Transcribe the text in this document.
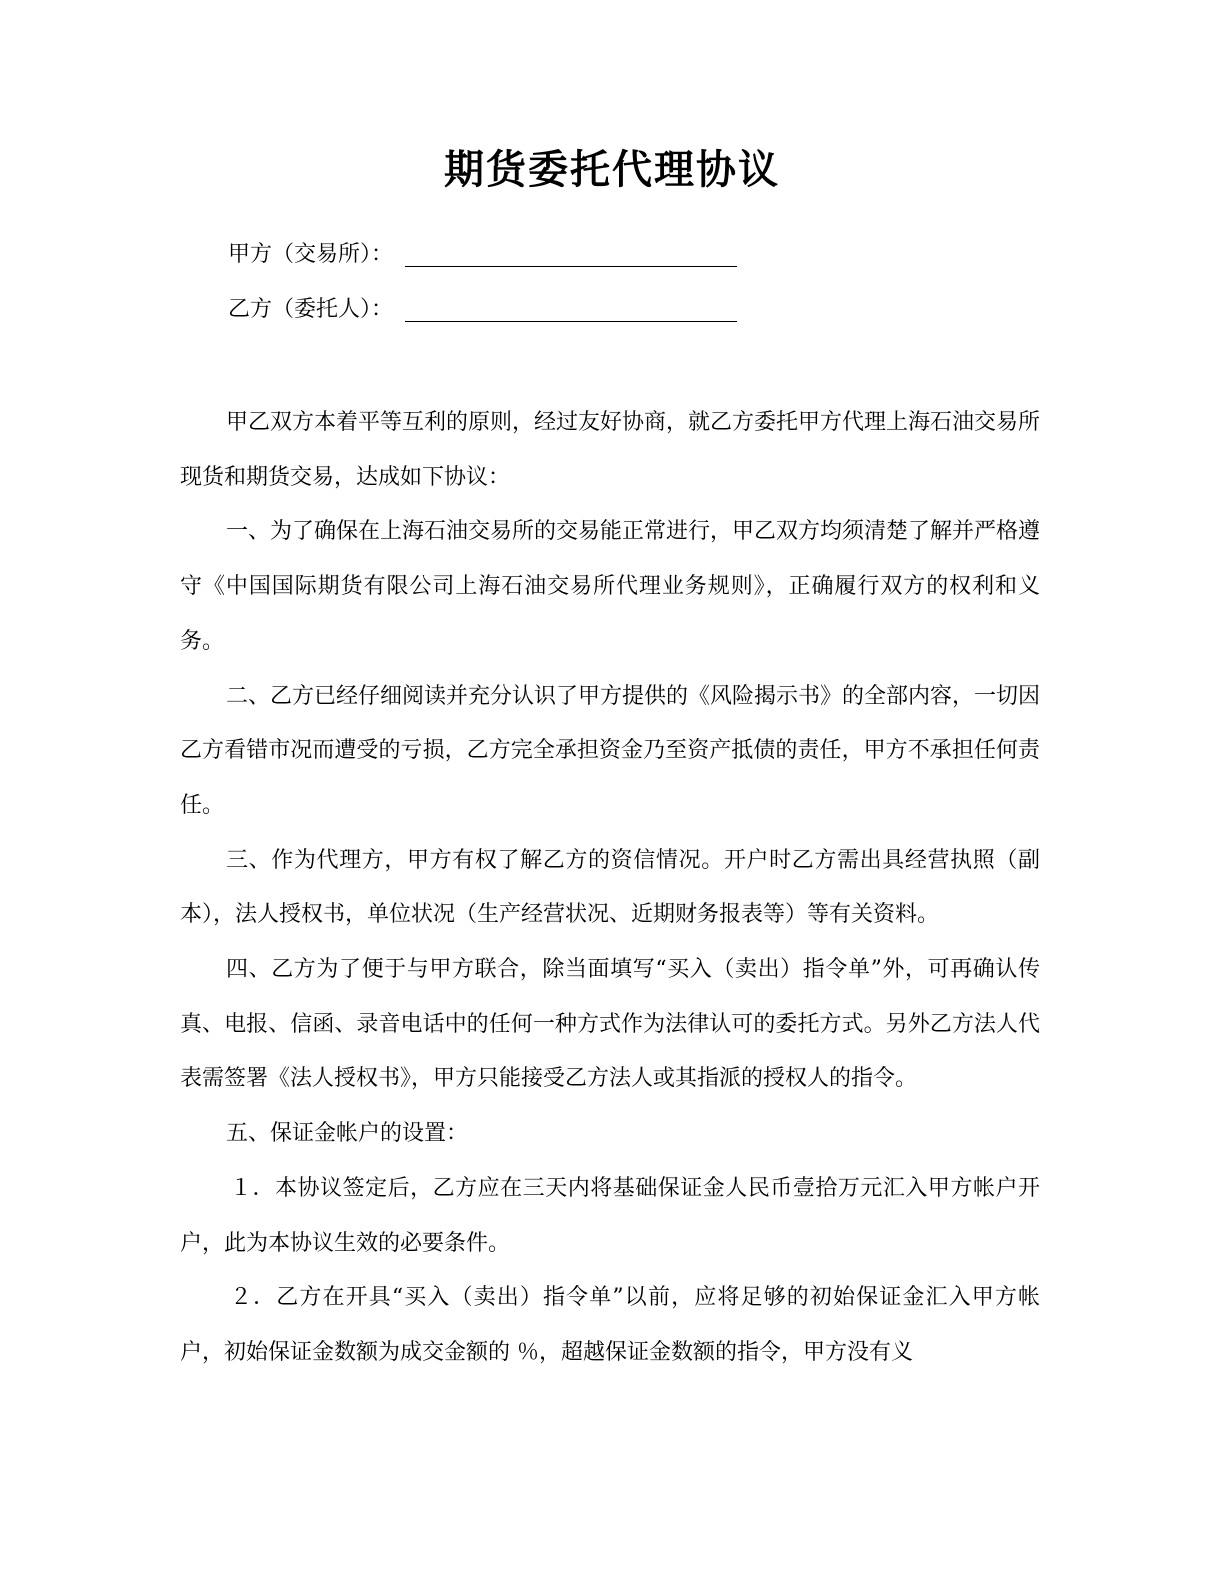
期货委托代理协议
甲方（交易所）：
乙方（委托人）：

甲乙双方本着平等互利的原则，经过友好协商，就乙方委托甲方代理上海石油交易所现货和期货交易，达成如下协议：

一、为了确保在上海石油交易所的交易能正常进行，甲乙双方均须清楚了解并严格遵守《中国国际期货有限公司上海石油交易所代理业务规则》，正确履行双方的权利和义务。

二、乙方已经仔细阅读并充分认识了甲方提供的《风险揭示书》的全部内容，一切因乙方看错市况而遭受的亏损，乙方完全承担资金乃至资产抵债的责任，甲方不承担任何责任。

三、作为代理方，甲方有权了解乙方的资信情况。开户时乙方需出具经营执照（副本），法人授权书，单位状况（生产经营状况、近期财务报表等）等有关资料。

四、乙方为了便于与甲方联合，除当面填写“买入（卖出）指令单”外，可再确认传真、电报、信函、录音电话中的任何一种方式作为法律认可的委托方式。另外乙方法人代表需签署《法人授权书》，甲方只能接受乙方法人或其指派的授权人的指令。

五、保证金帐户的设置：

１．本协议签定后，乙方应在三天内将基础保证金人民币壹拾万元汇入甲方帐户开户，此为本协议生效的必要条件。

２．乙方在开具“买入（卖出）指令单”以前，应将足够的初始保证金汇入甲方帐户，初始保证金数额为成交金额的 ％，超越保证金数额的指令，甲方没有义
